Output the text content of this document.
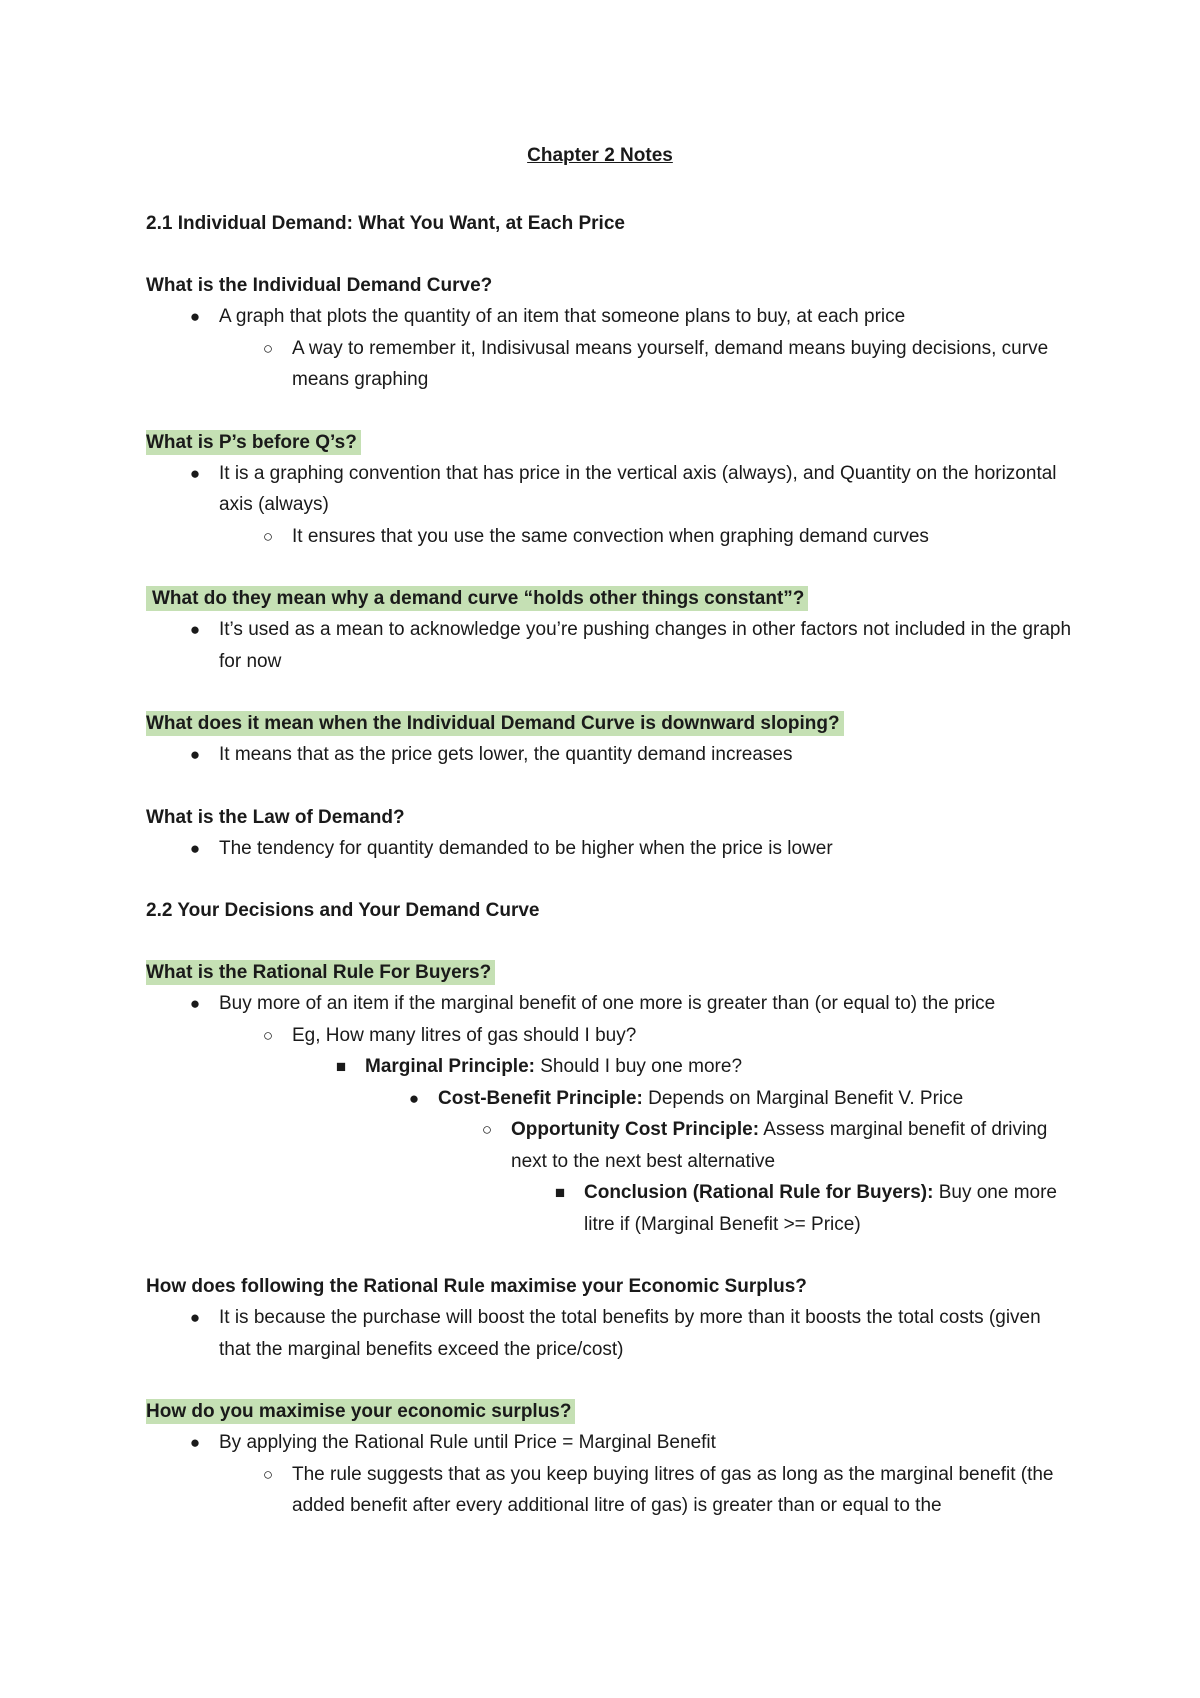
Chapter 2 Notes
2.1 Individual Demand: What You Want, at Each Price
What is the Individual Demand Curve?
●
A graph that plots the quantity of an item that someone plans to buy, at each price
○
A way to remember it, Indisivusal means yourself, demand means buying decisions, curve means graphing
What is P’s before Q’s?
●
It is a graphing convention that has price in the vertical axis (always), and Quantity on the horizontal axis (always)
○
It ensures that you use the same convection when graphing demand curves
What do they mean why a demand curve “holds other things constant”?
●
It’s used as a mean to acknowledge you’re pushing changes in other factors not included in the graph for now
What does it mean when the Individual Demand Curve is downward sloping?
●
It means that as the price gets lower, the quantity demand increases
What is the Law of Demand?
●
The tendency for quantity demanded to be higher when the price is lower
2.2 Your Decisions and Your Demand Curve
What is the Rational Rule For Buyers?
●
Buy more of an item if the marginal benefit of one more is greater than (or equal to) the price
○
Eg, How many litres of gas should I buy?
■
Marginal Principle: Should I buy one more?
●
Cost-Benefit Principle: Depends on Marginal Benefit V. Price
○
Opportunity Cost Principle: Assess marginal benefit of driving next to the next best alternative
■
Conclusion (Rational Rule for Buyers): Buy one more litre if (Marginal Benefit >= Price)
How does following the Rational Rule maximise your Economic Surplus?
●
It is because the purchase will boost the total benefits by more than it boosts the total costs (given that the marginal benefits exceed the price/cost)
How do you maximise your economic surplus?
●
By applying the Rational Rule until Price = Marginal Benefit
○
The rule suggests that as you keep buying litres of gas as long as the marginal benefit (the added benefit after every additional litre of gas) is greater than or equal to the
